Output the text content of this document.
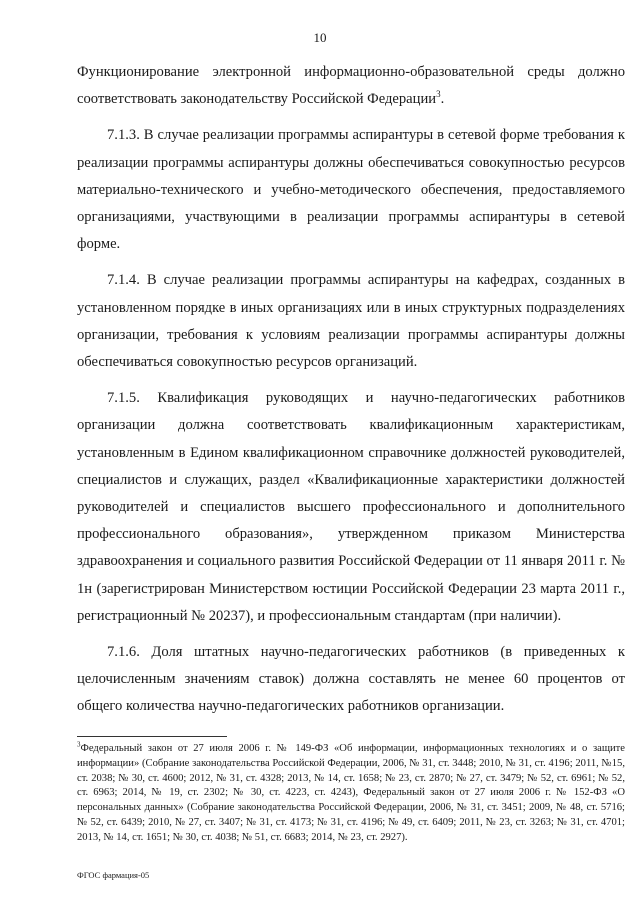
10

Функционирование электронной информационно-образовательной среды должно соответствовать законодательству Российской Федерации$^3$.

7.1.3. В случае реализации программы аспирантуры в сетевой форме требования к реализации программы аспирантуры должны обеспечиваться совокупностью ресурсов материально-технического и учебно-методического обеспечения, предоставляемого организациями, участвующими в реализации программы аспирантуры в сетевой форме.

7.1.4. В случае реализации программы аспирантуры на кафедрах, созданных в установленном порядке в иных организациях или в иных структурных подразделениях организации, требования к условиям реализации программы аспирантуры должны обеспечиваться совокупностью ресурсов организаций.

7.1.5. Квалификация руководящих и научно-педагогических работников организации должна соответствовать квалификационным характеристикам, установленным в Едином квалификационном справочнике должностей руководителей, специалистов и служащих, раздел «Квалификационные характеристики должностей руководителей и специалистов высшего профессионального и дополнительного профессионального образования», утвержденном приказом Министерства здравоохранения и социального развития Российской Федерации от 11 января 2011 г. № 1н (зарегистрирован Министерством юстиции Российской Федерации 23 марта 2011 г., регистрационный № 20237), и профессиональным стандартам (при наличии).

7.1.6. Доля штатных научно-педагогических работников (в приведенных к целочисленным значениям ставок) должна составлять не менее 60 процентов от общего количества научно-педагогических работников организации.

$^3$Федеральный закон от 27 июля 2006 г. № 149-ФЗ «Об информации, информационных технологиях и о защите информации» (Собрание законодательства Российской Федерации, 2006, № 31, ст. 3448; 2010, № 31, ст. 4196; 2011, №15, ст. 2038; № 30, ст. 4600; 2012, № 31, ст. 4328; 2013, № 14, ст. 1658; № 23, ст. 2870; № 27, ст. 3479; № 52, ст. 6961; № 52, ст. 6963; 2014, № 19, ст. 2302; № 30, ст. 4223, ст. 4243), Федеральный закон от 27 июля 2006 г. № 152-ФЗ «О персональных данных» (Собрание законодательства Российской Федерации, 2006, № 31, ст. 3451; 2009, № 48, ст. 5716; № 52, ст. 6439; 2010, № 27, ст. 3407; № 31, ст. 4173; № 31, ст. 4196; № 49, ст. 6409; 2011, № 23, ст. 3263; № 31, ст. 4701; 2013, № 14, ст. 1651; № 30, ст. 4038; № 51, ст. 6683; 2014, № 23, ст. 2927).
ФГОС фармация-05
